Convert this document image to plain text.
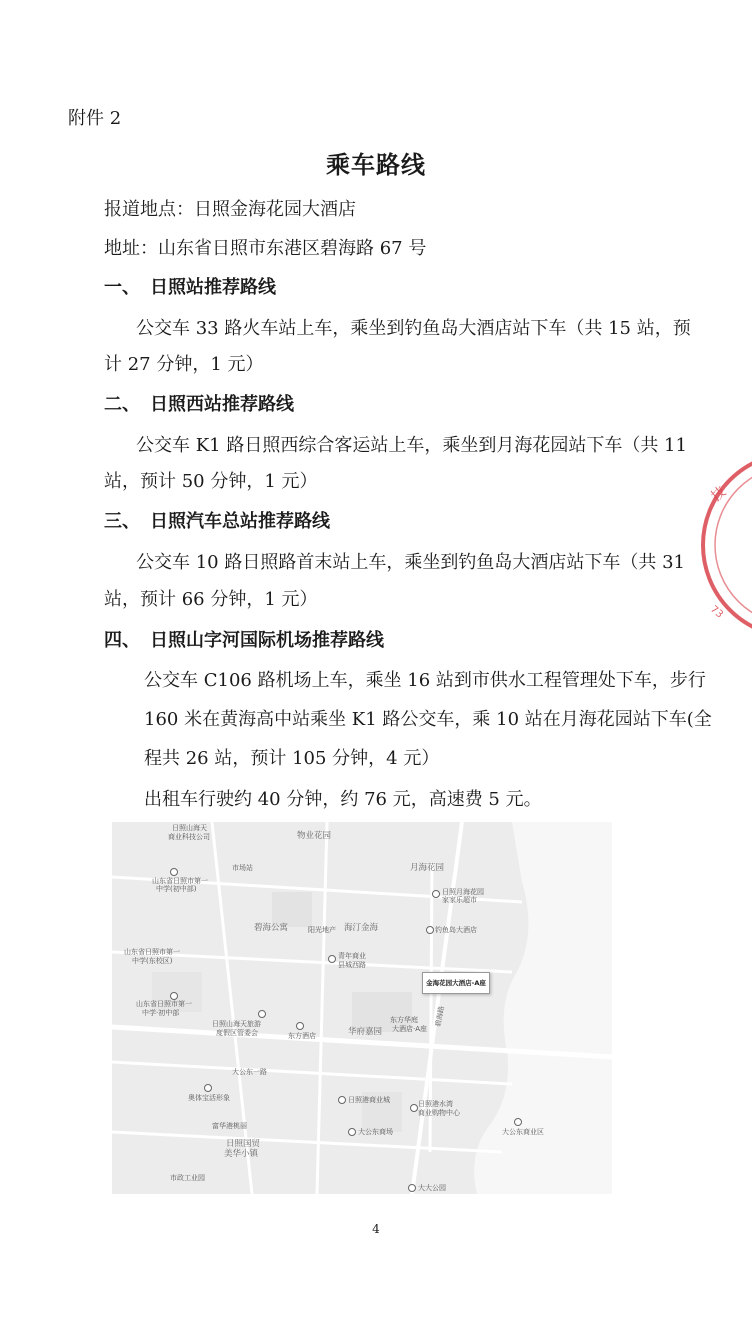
附件 2
乘车路线
报道地点：日照金海花园大酒店
地址：山东省日照市东港区碧海路 67 号
一、 日照站推荐路线
公交车 33 路火车站上车，乘坐到钓鱼岛大酒店站下车（共 15 站，预
计 27 分钟，1 元）
二、 日照西站推荐路线
公交车 K1 路日照西综合客运站上车，乘坐到月海花园站下车（共 11
站，预计 50 分钟，1 元）
三、 日照汽车总站推荐路线
公交车 10 路日照路首末站上车，乘坐到钓鱼岛大酒店站下车（共 31
站，预计 66 分钟，1 元）
四、 日照山字河国际机场推荐路线
公交车 C106 路机场上车，乘坐 16 站到市供水工程管理处下车，步行
160 米在黄海高中站乘坐 K1 路公交车，乘 10 站在月海花园站下车(全
程共 26 站，预计 105 分钟，4 元）
出租车行驶约 40 分钟，约 76 元，高速费 5 元。
日照山海天
商业科技公司	物业花园
月海花园
市场站
山东省日照市第一
中学(初中部)	日照月海花园
家家乐超市
碧海公寓	阳光地产 海汀金海	钓鱼岛大酒店
山东省日照市第一
中学(东校区)
青年商业
县城西路
金海花园大酒店-A座
山东省日照市第一
中学·初中部	碧海路
日照山海天旅游
度假区管委会	东方酒店	华府嘉园
东方华庭
大酒店·A座
大公东一路
奥体宝活形象	日照港商业城	日照港水湾
商业购物中心
大公东商业区
富华港桃丽
大公东商场
日照国贸
美华小镇
市政工业园
大大公园
技
73
4
